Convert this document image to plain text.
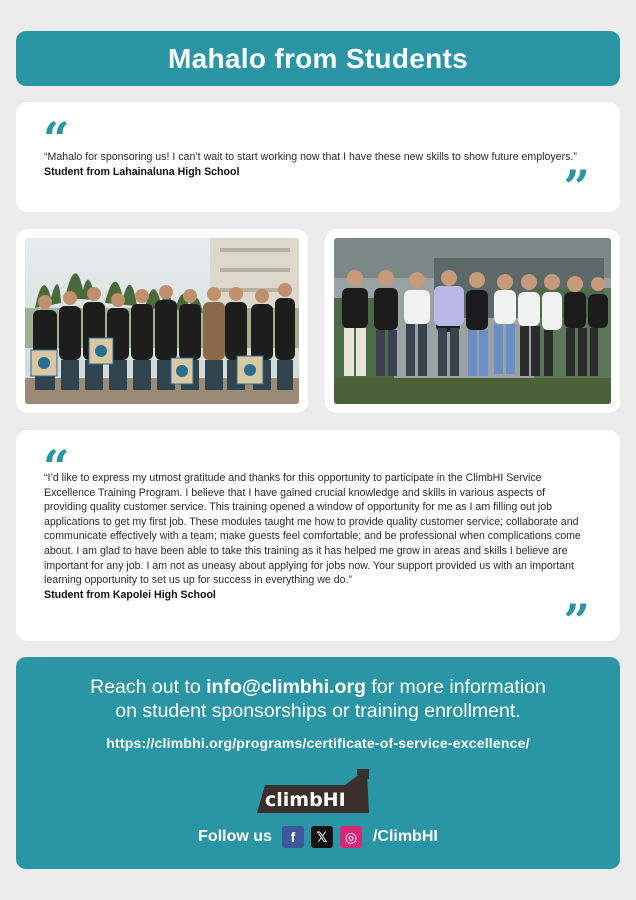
Mahalo from Students
“
“Mahalo for sponsoring us! I can’t wait to start working now that I have these new skills to show future employers.” Student from Lahainaluna High School	”
“
“I’d like to express my utmost gratitude and thanks for this opportunity to participate in the ClimbHI Service Excellence Training Program. I believe that I have gained crucial knowledge and skills in various aspects of providing quality customer service. This training opened a window of opportunity for me as I am filling out job applications to get my first job. These modules taught me how to provide quality customer service; collaborate and communicate effectively with a team; make guests feel comfortable; and be professional when complications come about. I am glad to have been able to take this training as it has helped me grow in areas and skills I believe are important for any job. I am not as uneasy about applying for jobs now. Your support provided us with an important learning opportunity to set us up for success in everything we do.”
Student from Kapolei High School	”
Reach out to info@climbhi.org for more information
on student sponsorships or training enrollment.
https://climbhi.org/programs/certificate-of-service-excellence/
climbHI
Follow us	f	𝕏	◎ /ClimbHI
